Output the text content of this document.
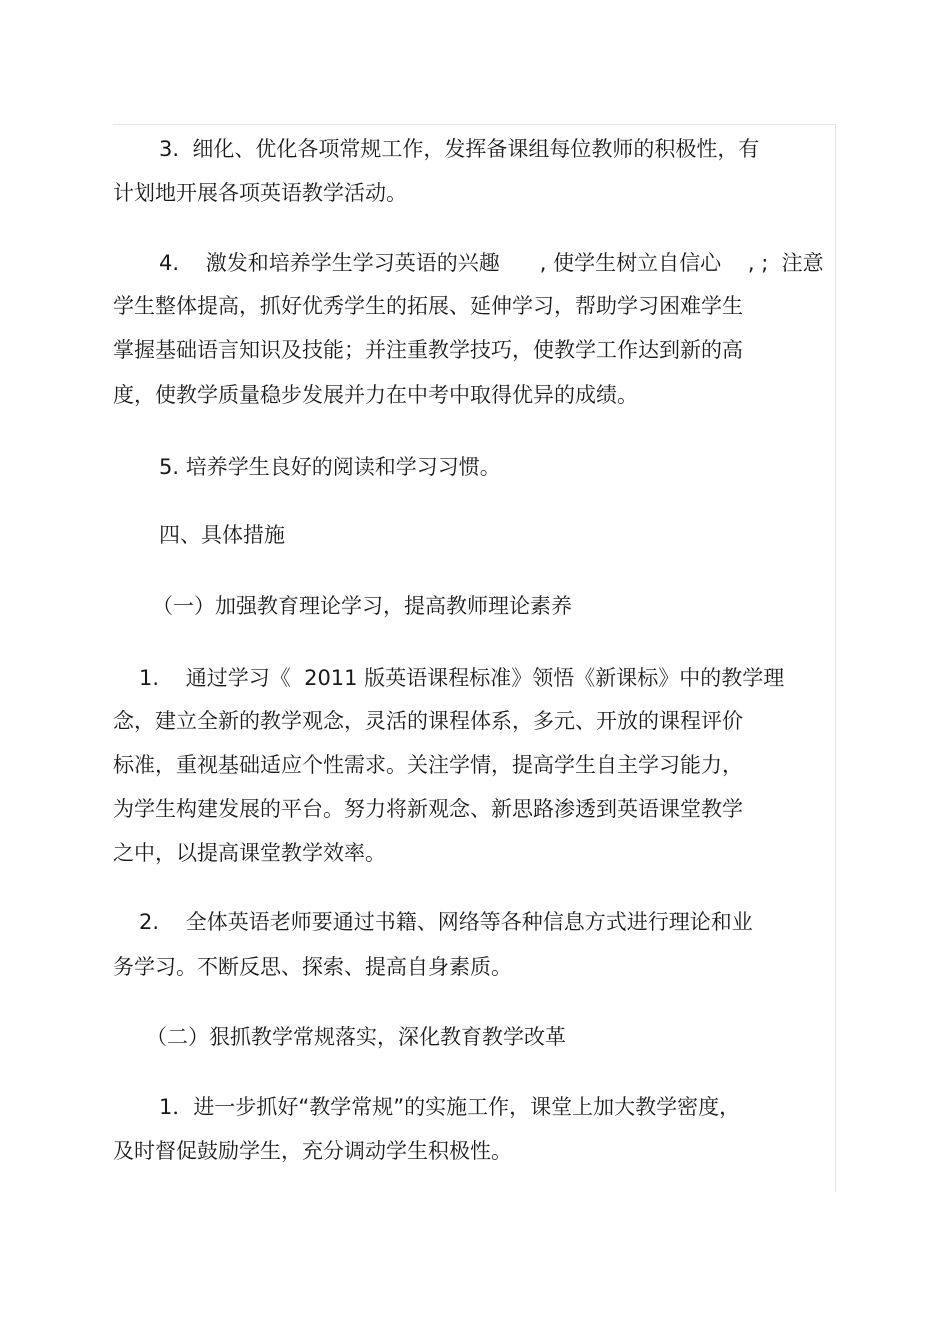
3.  细化、优化各项常规工作，发挥备课组每位教师的积极性，有

计划地开展各项英语教学活动。

4.    激发和培养学生学习英语的兴趣      , 使学生树立自信心    , ;  注意

学生整体提高，抓好优秀学生的拓展、延伸学习，帮助学习困难学生

掌握基础语言知识及技能；并注重教学技巧，使教学工作达到新的高

度，使教学质量稳步发展并力在中考中取得优异的成绩。

5. 培养学生良好的阅读和学习习惯。

四、具体措施

（一）加强教育理论学习，提高教师理论素养

1.    通过学习《  2011 版英语课程标准》领悟《新课标》中的教学理

念，建立全新的教学观念，灵活的课程体系，多元、开放的课程评价

标准，重视基础适应个性需求。关注学情，提高学生自主学习能力，

为学生构建发展的平台。努力将新观念、新思路渗透到英语课堂教学

之中，以提高课堂教学效率。

2.    全体英语老师要通过书籍、网络等各种信息方式进行理论和业

务学习。不断反思、探索、提高自身素质。

（二）狠抓教学常规落实，深化教育教学改革

1．进一步抓好“教学常规”的实施工作，课堂上加大教学密度，

及时督促鼓励学生，充分调动学生积极性。
